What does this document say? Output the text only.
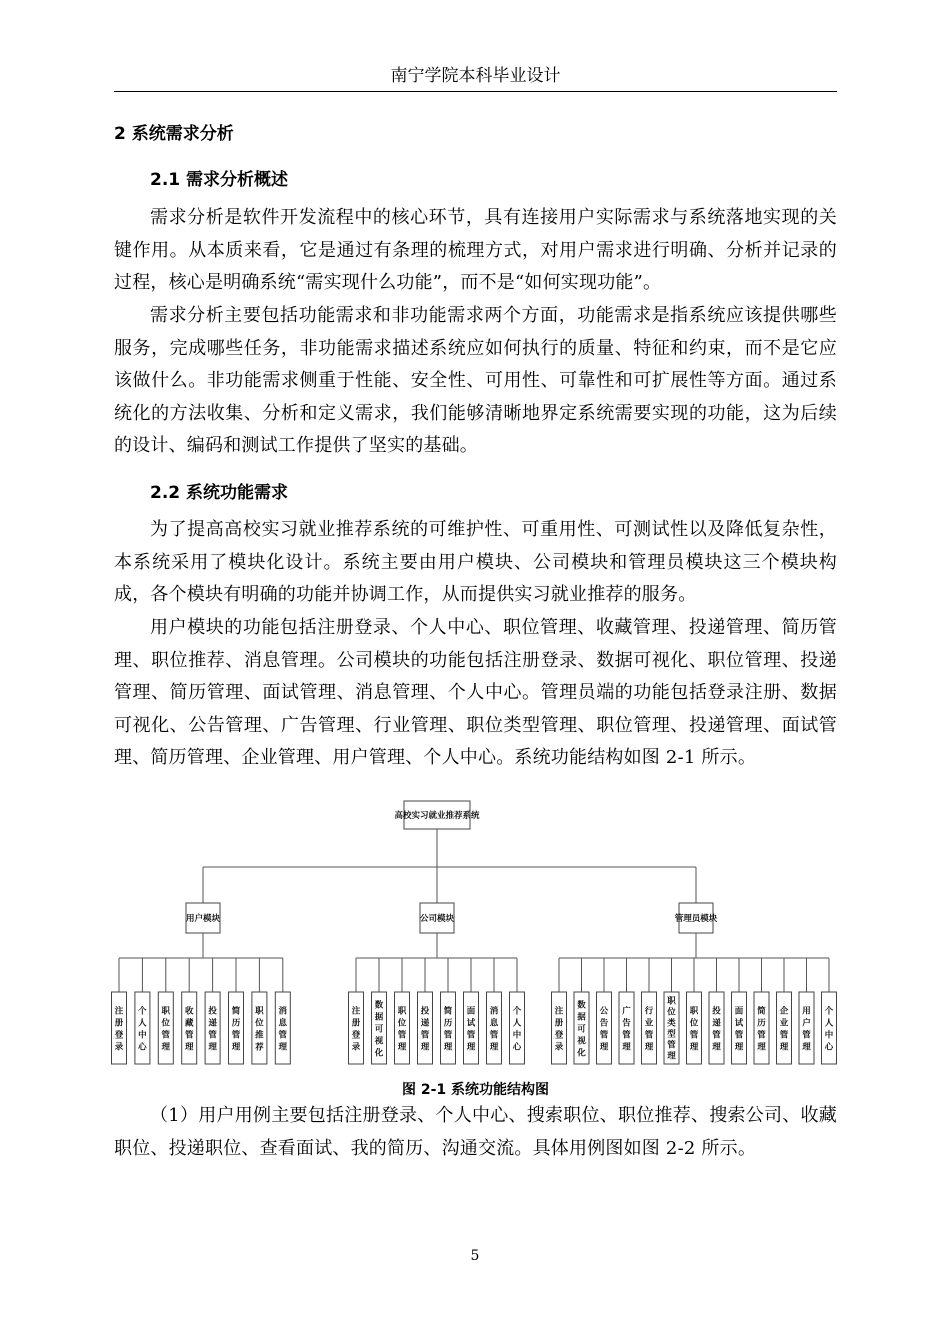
南宁学院本科毕业设计
2 系统需求分析
2.1 需求分析概述

需求分析是软件开发流程中的核心环节，具有连接用户实际需求与系统落地实现的关键作用。从本质来看，它是通过有条理的梳理方式，对用户需求进行明确、分析并记录的过程，核心是明确系统“需实现什么功能”，而不是“如何实现功能”。

需求分析主要包括功能需求和非功能需求两个方面，功能需求是指系统应该提供哪些服务，完成哪些任务，非功能需求描述系统应如何执行的质量、特征和约束，而不是它应该做什么。非功能需求侧重于性能、安全性、可用性、可靠性和可扩展性等方面。通过系统化的方法收集、分析和定义需求，我们能够清晰地界定系统需要实现的功能，这为后续的设计、编码和测试工作提供了坚实的基础。

2.2 系统功能需求

为了提高高校实习就业推荐系统的可维护性、可重用性、可测试性以及降低复杂性，本系统采用了模块化设计。系统主要由用户模块、公司模块和管理员模块这三个模块构成，各个模块有明确的功能并协调工作，从而提供实习就业推荐的服务。

用户模块的功能包括注册登录、个人中心、职位管理、收藏管理、投递管理、简历管理、职位推荐、消息管理。公司模块的功能包括注册登录、数据可视化、职位管理、投递管理、简历管理、面试管理、消息管理、个人中心。管理员端的功能包括登录注册、数据可视化、公告管理、广告管理、行业管理、职位类型管理、职位管理、投递管理、面试管理、简历管理、企业管理、用户管理、个人中心。系统功能结构如图 2-1 所示。

高校实习就业推荐系统
用户模块
注册登录
个人中心
职位管理
收藏管理
投递管理
简历管理
职位推荐
消息管理
公司模块
注册登录
数据可视化
职位管理
投递管理
简历管理
面试管理
消息管理
个人中心
管理员模块
注册登录
数据可视化
公告管理
广告管理
行业管理
职位类型管理
职位管理
投递管理
面试管理
简历管理
企业管理
用户管理
个人中心
图 2-1 系统功能结构图

（1）用户用例主要包括注册登录、个人中心、搜索职位、职位推荐、搜索公司、收藏职位、投递职位、查看面试、我的简历、沟通交流。具体用例图如图 2-2 所示。

5
